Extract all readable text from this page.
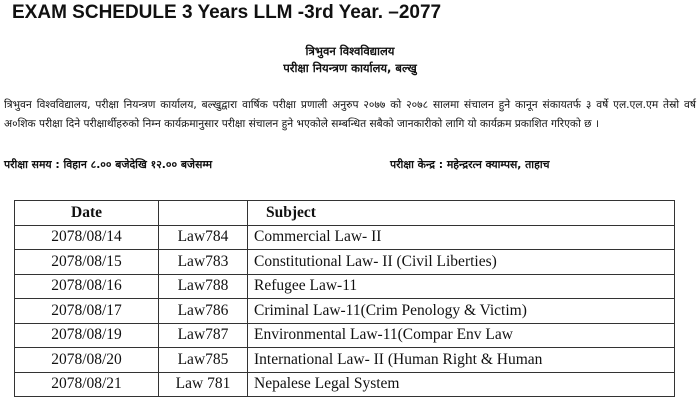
EXAM SCHEDULE 3 Years LLM -3rd Year. –2077
त्रिभुवन विश्वविद्यालय
परीक्षा नियन्त्रण कार्यालय, बल्खु
त्रिभुवन विश्वविद्यालय, परीक्षा नियन्त्रण कार्यालय, बल्खुद्वारा वार्षिक परीक्षा प्रणाली अनुरुप २०७७ को २०७८ सालमा संचालन हुने कानून संकायतर्फ ३ वर्षे एल.एल.एम तेस्रो वर्ष अ०शिक परीक्षा दिने परीक्षार्थीहरुको निम्न कार्यक्रमानुसार परीक्षा संचालन हुने भएकोले सम्बन्धित सबैको जानकारीको लागि यो कार्यक्रम प्रकाशित गरिएको छ ।
परीक्षा समय : विहान ८.०० बजेदेखि १२.०० बजेसम्म	परीक्षा केन्द्र : महेन्द्ररत्न क्याम्पस, ताहाच
Date		Subject
2078/08/14	Law784	Commercial Law- II
2078/08/15	Law783	Constitutional Law- II (Civil Liberties)
2078/08/16	Law788	Refugee Law-11
2078/08/17	Law786	Criminal Law-11(Crim Penology & Victim)
2078/08/19	Law787	Environmental Law-11(Compar Env Law
2078/08/20	Law785	International Law- II (Human Right & Human
2078/08/21	Law 781	Nepalese Legal System
